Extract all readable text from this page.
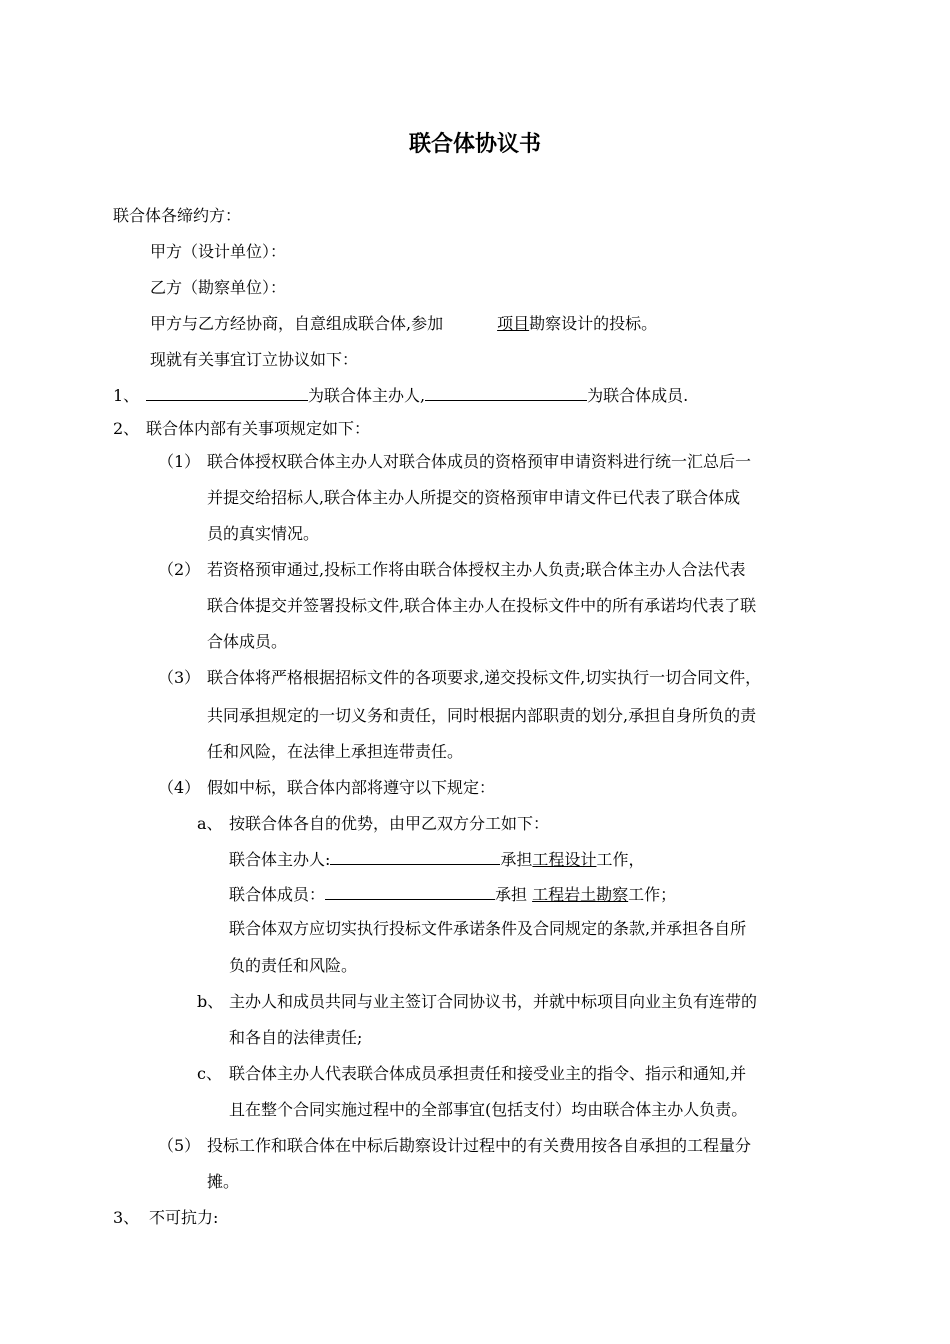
联合体协议书
联合体各缔约方：
甲方（设计单位）：
乙方（勘察单位）：
甲方与乙方经协商，自意组成联合体,参加	项目勘察设计的投标。
现就有关事宜订立协议如下：
1、	为联合体主办人,	为联合体成员.
2、 联合体内部有关事项规定如下：
（1） 联合体授权联合体主办人对联合体成员的资格预审申请资料进行统一汇总后一
并提交给招标人,联合体主办人所提交的资格预审申请文件已代表了联合体成
员的真实情况。
（2） 若资格预审通过,投标工作将由联合体授权主办人负责;联合体主办人合法代表
联合体提交并签署投标文件,联合体主办人在投标文件中的所有承诺均代表了联
合体成员。
（3） 联合体将严格根据招标文件的各项要求,递交投标文件,切实执行一切合同文件，
共同承担规定的一切义务和责任，同时根据内部职责的划分,承担自身所负的责
任和风险，在法律上承担连带责任。
（4） 假如中标，联合体内部将遵守以下规定：
a、 按联合体各自的优势，由甲乙双方分工如下：
联合体主办人:	承担工程设计工作，
联合体成员：	承担 工程岩土勘察工作；
联合体双方应切实执行投标文件承诺条件及合同规定的条款,并承担各自所
负的责任和风险。
b、 主办人和成员共同与业主签订合同协议书，并就中标项目向业主负有连带的
和各自的法律责任;
c、 联合体主办人代表联合体成员承担责任和接受业主的指令、指示和通知,并
且在整个合同实施过程中的全部事宜(包括支付）均由联合体主办人负责。
（5） 投标工作和联合体在中标后勘察设计过程中的有关费用按各自承担的工程量分
摊。
3、 不可抗力:
